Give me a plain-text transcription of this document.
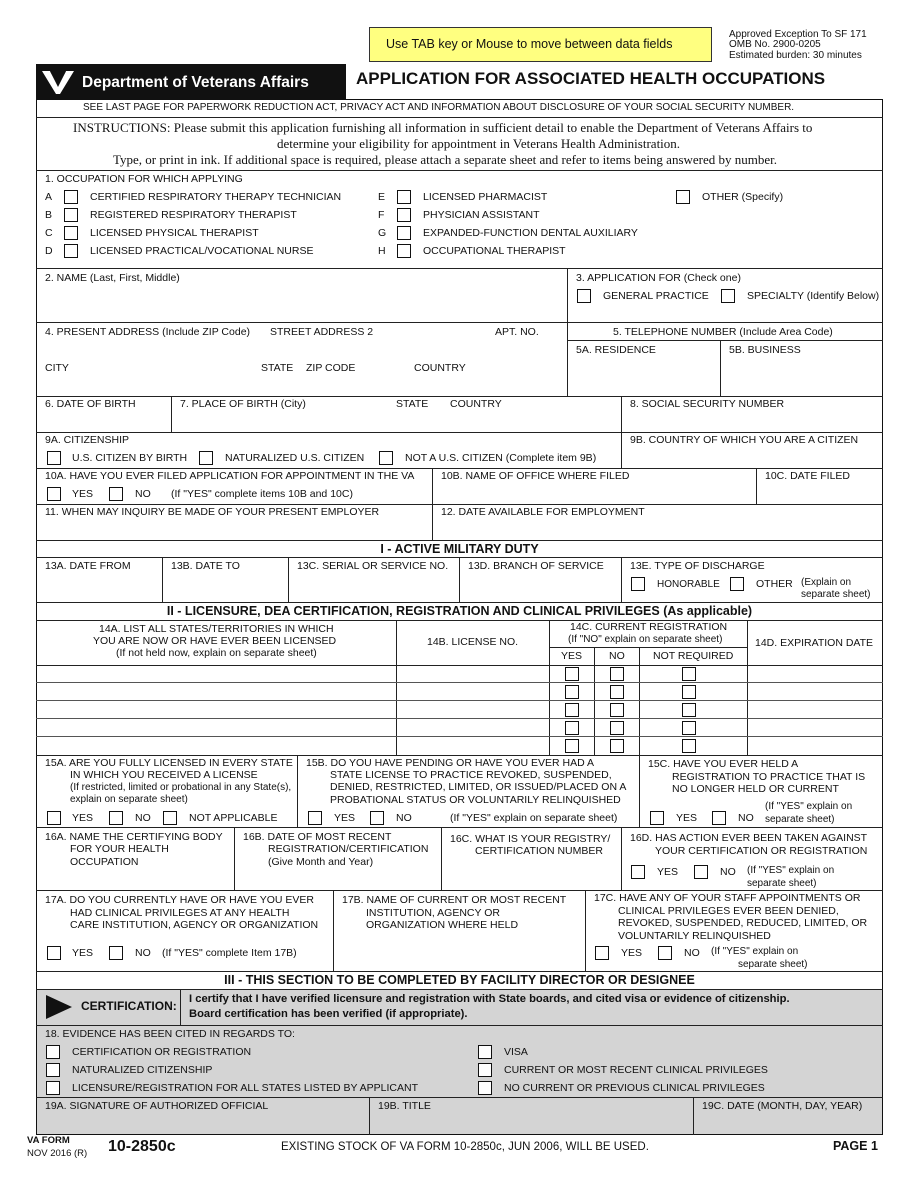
Use TAB key or Mouse to move between data fields
Approved Exception To SF 171
OMB No. 2900-0205
Estimated burden: 30 minutes
Department of Veterans Affairs	APPLICATION FOR ASSOCIATED HEALTH OCCUPATIONS
SEE LAST PAGE FOR PAPERWORK REDUCTION ACT, PRIVACY ACT AND INFORMATION ABOUT DISCLOSURE OF YOUR SOCIAL SECURITY NUMBER.
INSTRUCTIONS: Please submit this application furnishing all information in sufficient detail to enable the Department of Veterans Affairs to
determine your eligibility for appointment in Veterans Health Administration.
Type, or print in ink. If additional space is required, please attach a separate sheet and refer to items being answered by number.
1. OCCUPATION FOR WHICH APPLYING
A	CERTIFIED RESPIRATORY THERAPY TECHNICIAN
B	REGISTERED RESPIRATORY THERAPIST
C	LICENSED PHYSICAL THERAPIST
D	LICENSED PRACTICAL/VOCATIONAL NURSE
E	LICENSED PHARMACIST
F	PHYSICIAN ASSISTANT
G	EXPANDED-FUNCTION DENTAL AUXILIARY
H	OCCUPATIONAL THERAPIST
OTHER (Specify)
2. NAME (Last, First, Middle)	3. APPLICATION FOR (Check one)
GENERAL PRACTICE	SPECIALTY (Identify Below)
4. PRESENT ADDRESS (Include ZIP Code) STREET ADDRESS 2	APT. NO.
CITY	STATE ZIP CODE	COUNTRY
5. TELEPHONE NUMBER (Include Area Code)
5A. RESIDENCE	5B. BUSINESS
6. DATE OF BIRTH	7. PLACE OF BIRTH (City)	STATE COUNTRY	8. SOCIAL SECURITY NUMBER
9A. CITIZENSHIP
U.S. CITIZEN BY BIRTH	NATURALIZED U.S. CITIZEN	NOT A U.S. CITIZEN (Complete item 9B)
9B. COUNTRY OF WHICH YOU ARE A CITIZEN
10A. HAVE YOU EVER FILED APPLICATION FOR APPOINTMENT IN THE VA
YES	NO (If "YES" complete items 10B and 10C)
10B. NAME OF OFFICE WHERE FILED	10C. DATE FILED
11. WHEN MAY INQUIRY BE MADE OF YOUR PRESENT EMPLOYER	12. DATE AVAILABLE FOR EMPLOYMENT
I - ACTIVE MILITARY DUTY
13A. DATE FROM	13B. DATE TO	13C. SERIAL OR SERVICE NO. 13D. BRANCH OF SERVICE 13E. TYPE OF DISCHARGE
HONORABLE	OTHER (Explain on
separate sheet)
II - LICENSURE, DEA CERTIFICATION, REGISTRATION AND CLINICAL PRIVILEGES (As applicable)
14A. LIST ALL STATES/TERRITORIES IN WHICH
YOU ARE NOW OR HAVE EVER BEEN LICENSED
(If not held now, explain on separate sheet)
14B. LICENSE NO.
14C. CURRENT REGISTRATION
(If "NO" explain on separate sheet)
YES	NO	NOT REQUIRED
14D. EXPIRATION DATE
15A. ARE YOU FULLY LICENSED IN EVERY STATE
IN WHICH YOU RECEIVED A LICENSE
(If restricted, limited or probational in any State(s),
explain on separate sheet)
YES	NO	NOT APPLICABLE
15B. DO YOU HAVE PENDING OR HAVE YOU EVER HAD A
STATE LICENSE TO PRACTICE REVOKED, SUSPENDED,
DENIED, RESTRICTED, LIMITED, OR ISSUED/PLACED ON A
PROBATIONAL STATUS OR VOLUNTARILY RELINQUISHED
YES	NO	(If "YES" explain on separate sheet)
15C. HAVE YOU EVER HELD A
REGISTRATION TO PRACTICE THAT IS
NO LONGER HELD OR CURRENT
(If "YES" explain on
separate sheet)
YES	NO
16A. NAME THE CERTIFYING BODY
FOR YOUR HEALTH
OCCUPATION
16B. DATE OF MOST RECENT
REGISTRATION/CERTIFICATION
(Give Month and Year)
16C. WHAT IS YOUR REGISTRY/
CERTIFICATION NUMBER
16D. HAS ACTION EVER BEEN TAKEN AGAINST
YOUR CERTIFICATION OR REGISTRATION
YES	NO (If "YES" explain on
separate sheet)
17A. DO YOU CURRENTLY HAVE OR HAVE YOU EVER
HAD CLINICAL PRIVILEGES AT ANY HEALTH
CARE INSTITUTION, AGENCY OR ORGANIZATION
YES	NO (If "YES" complete Item 17B)
17B. NAME OF CURRENT OR MOST RECENT
INSTITUTION, AGENCY OR
ORGANIZATION WHERE HELD
17C. HAVE ANY OF YOUR STAFF APPOINTMENTS OR
CLINICAL PRIVILEGES EVER BEEN DENIED,
REVOKED, SUSPENDED, REDUCED, LIMITED, OR
VOLUNTARILY RELINQUISHED
YES	NO (If "YES" explain on
separate sheet)
III - THIS SECTION TO BE COMPLETED BY FACILITY DIRECTOR OR DESIGNEE
CERTIFICATION: I certify that I have verified licensure and registration with State boards, and cited visa or evidence of citizenship.
Board certification has been verified (if appropriate).
18. EVIDENCE HAS BEEN CITED IN REGARDS TO:
CERTIFICATION OR REGISTRATION
NATURALIZED CITIZENSHIP
LICENSURE/REGISTRATION FOR ALL STATES LISTED BY APPLICANT
VISA
CURRENT OR MOST RECENT CLINICAL PRIVILEGES
NO CURRENT OR PREVIOUS CLINICAL PRIVILEGES
19A. SIGNATURE OF AUTHORIZED OFFICIAL	19B. TITLE	19C. DATE (MONTH, DAY, YEAR)
VA FORM
NOV 2016 (R) 10-2850c	EXISTING STOCK OF VA FORM 10-2850c, JUN 2006, WILL BE USED.	PAGE 1
